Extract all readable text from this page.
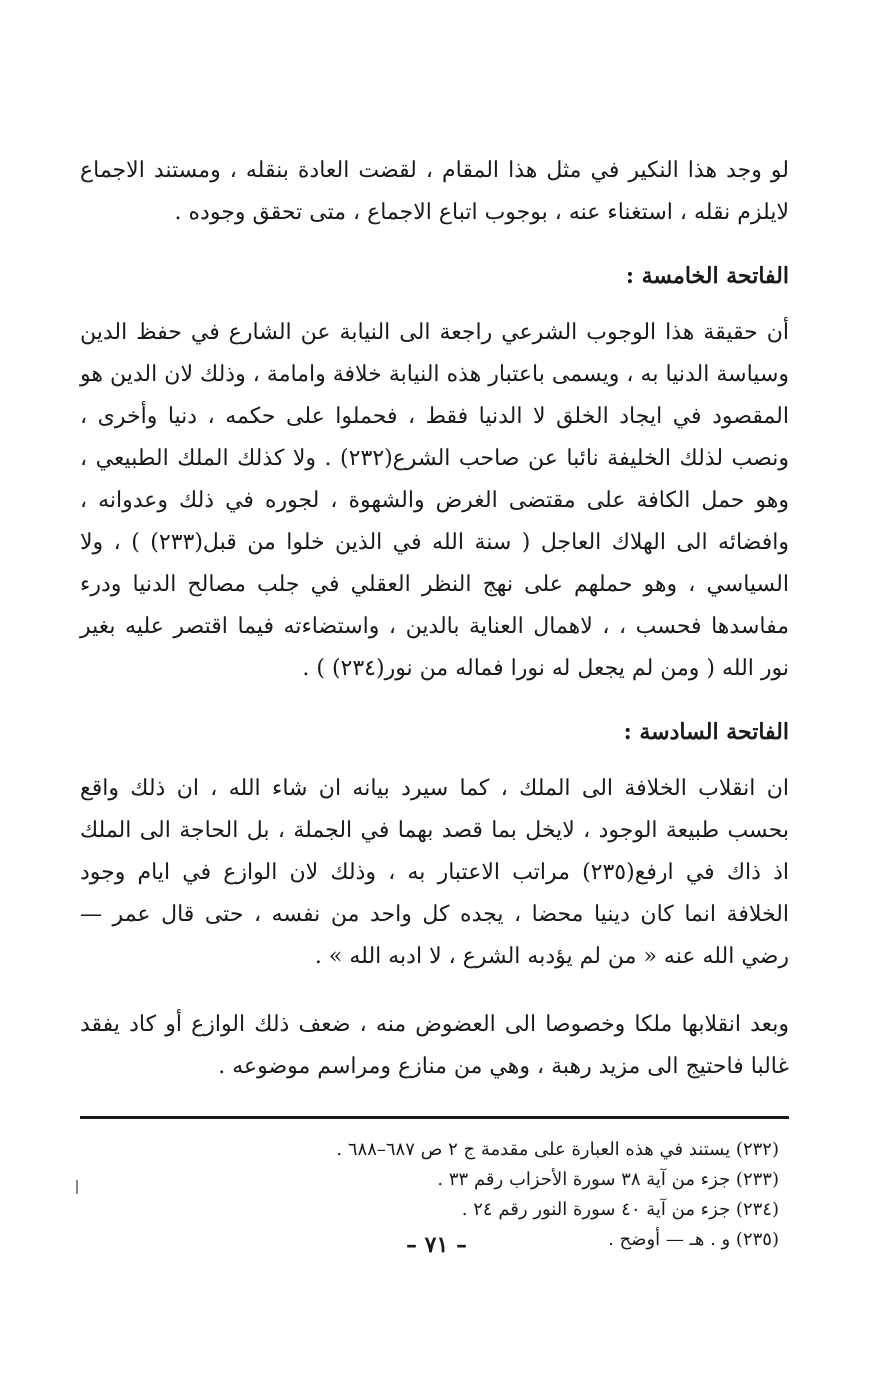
لو وجد هذا النكير في مثل هذا المقام ، لقضت العادة بنقله ، ومستند الاجماع لايلزم نقله ، استغناء عنه ، بوجوب اتباع الاجماع ، متى تحقق وجوده .

الفاتحة الخامسة :

أن حقيقة هذا الوجوب الشرعي راجعة الى النيابة عن الشارع في حفظ الدين وسياسة الدنيا به ، ويسمى باعتبار هذه النيابة خلافة وامامة ، وذلك لان الدين هو المقصود في ايجاد الخلق لا الدنيا فقط ، فحملوا على حكمه ، دنيا وأخرى ، ونصب لذلك الخليفة نائبا عن صاحب الشرع(٢٣٢) . ولا كذلك الملك الطبيعي ، وهو حمل الكافة على مقتضى الغرض والشهوة ، لجوره في ذلك وعدوانه ، وافضائه الى الهلاك العاجل ( سنة الله في الذين خلوا من قبل(٢٣٣) ) ، ولا السياسي ، وهو حملهم على نهج النظر العقلي في جلب مصالح الدنيا ودرء مفاسدها فحسب ، ، لاهمال العناية بالدين ، واستضاءته فيما اقتصر عليه بغير نور الله ( ومن لم يجعل له نورا فماله من نور(٢٣٤) ) .

الفاتحة السادسة :

ان انقلاب الخلافة الى الملك ، كما سيرد بيانه ان شاء الله ، ان ذلك واقع بحسب طبيعة الوجود ، لايخل بما قصد بهما في الجملة ، بل الحاجة الى الملك اذ ذاك في ارفع(٢٣٥) مراتب الاعتبار به ، وذلك لان الوازع في ايام وجود الخلافة انما كان دينيا محضا ، يجده كل واحد من نفسه ، حتى قال عمر — رضي الله عنه « من لم يؤدبه الشرع ، لا ادبه الله » .

وبعد انقلابها ملكا وخصوصا الى العضوض منه ، ضعف ذلك الوازع أو كاد يفقد غالبا فاحتيج الى مزيد رهبة ، وهي من منازع ومراسم موضوعه .

(٢٣٢) يستند في هذه العبارة على مقدمة ج ٢ ص ٦٨٧–٦٨٨ .

(٢٣٣) جزء من آية ٣٨ سورة الأحزاب رقم ٣٣ .

(٢٣٤) جزء من آية ٤٠ سورة النور رقم ٢٤ .

(٢٣٥) و . هـ — أوضح .

– ٧١ –
